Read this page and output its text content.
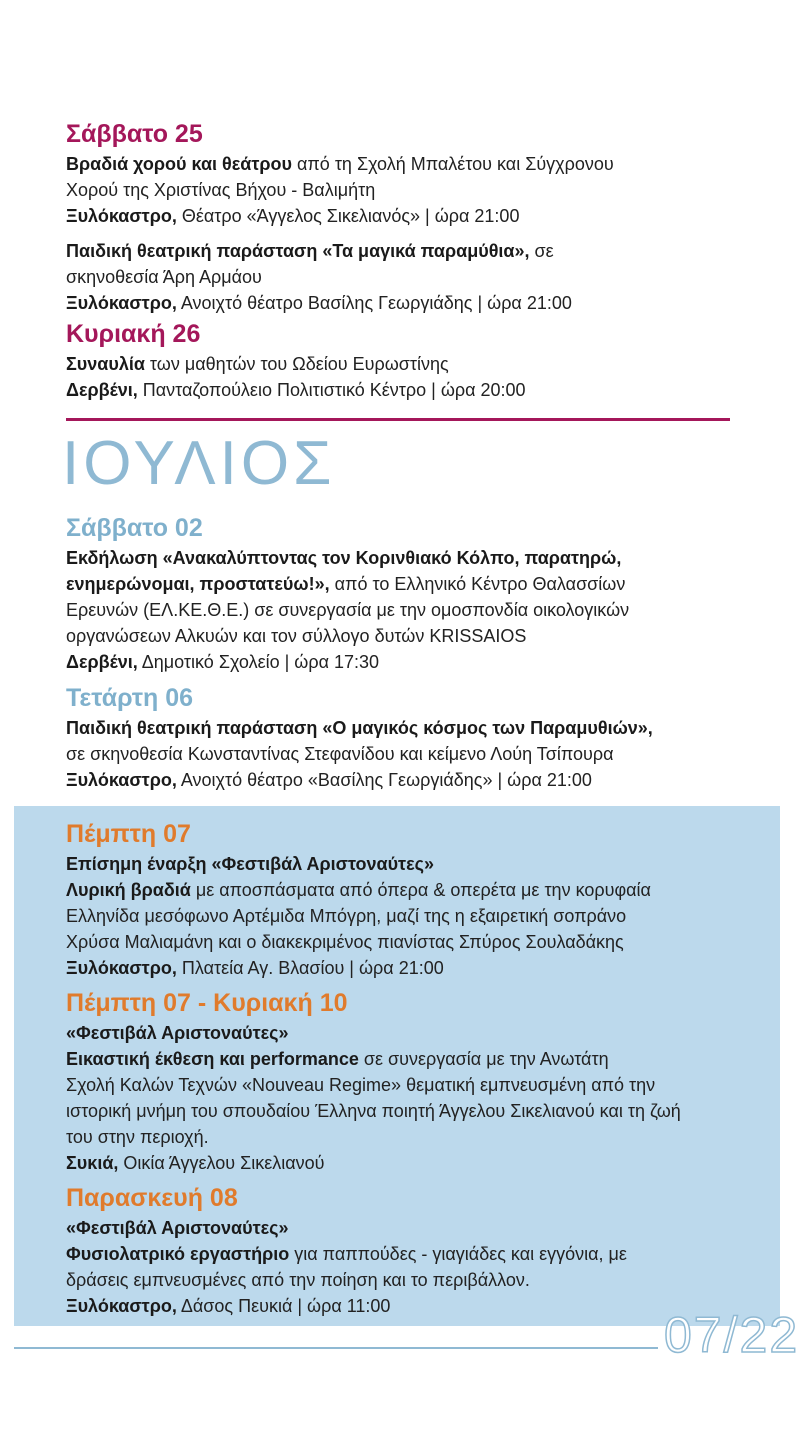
Σάββατο 25
Βραδιά χορού και θεάτρου από τη Σχολή Μπαλέτου και Σύγχρονου
Χορού της Χριστίνας Βήχου - Βαλιμήτη
Ξυλόκαστρο, Θέατρο «Άγγελος Σικελιανός» | ώρα 21:00
Παιδική θεατρική παράσταση «Τα μαγικά παραμύθια», σε
σκηνοθεσία Άρη Αρμάου
Ξυλόκαστρο, Ανοιχτό θέατρο Βασίλης Γεωργιάδης | ώρα 21:00
Κυριακή 26
Συναυλία των μαθητών του Ωδείου Ευρωστίνης
Δερβένι, Πανταζοπούλειο Πολιτιστικό Κέντρο | ώρα 20:00
ΙΟΥΛΙΟΣ
Σάββατο 02
Εκδήλωση «Ανακαλύπτοντας τον Κορινθιακό Κόλπο, παρατηρώ,
ενημερώνομαι, προστατεύω!», από το Ελληνικό Κέντρο Θαλασσίων
Ερευνών (ΕΛ.ΚΕ.Θ.Ε.) σε συνεργασία με την ομοσπονδία οικολογικών
οργανώσεων Αλκυών και τον σύλλογο δυτών KRISSAIOS
Δερβένι, Δημοτικό Σχολείο | ώρα 17:30
Τετάρτη 06
Παιδική θεατρική παράσταση «Ο μαγικός κόσμος των Παραμυθιών»,
σε σκηνοθεσία Κωνσταντίνας Στεφανίδου και κείμενο Λούη Τσίπουρα
Ξυλόκαστρο, Ανοιχτό θέατρο «Βασίλης Γεωργιάδης» | ώρα 21:00
Πέμπτη 07
Επίσημη έναρξη «Φεστιβάλ Αριστοναύτες»
Λυρική βραδιά με αποσπάσματα από όπερα & οπερέτα με την κορυφαία
Ελληνίδα μεσόφωνο Αρτέμιδα Μπόγρη, μαζί της η εξαιρετική σοπράνο
Χρύσα Μαλιαμάνη και ο διακεκριμένος πιανίστας Σπύρος Σουλαδάκης
Ξυλόκαστρο, Πλατεία Αγ. Βλασίου | ώρα 21:00
Πέμπτη 07 - Κυριακή 10
«Φεστιβάλ Αριστοναύτες»
Εικαστική έκθεση και performance σε συνεργασία με την Ανωτάτη
Σχολή Καλών Τεχνών «Nouveau Regime» θεματική εμπνευσμένη από την
ιστορική μνήμη του σπουδαίου Έλληνα ποιητή Άγγελου Σικελιανού και τη ζωή
του στην περιοχή.
Συκιά, Οικία Άγγελου Σικελιανού
Παρασκευή 08
«Φεστιβάλ Αριστοναύτες»
Φυσιολατρικό εργαστήριο για παππούδες - γιαγιάδες και εγγόνια, με
δράσεις εμπνευσμένες από την ποίηση και το περιβάλλον.
Ξυλόκαστρο, Δάσος Πευκιά | ώρα 11:00
07/22
